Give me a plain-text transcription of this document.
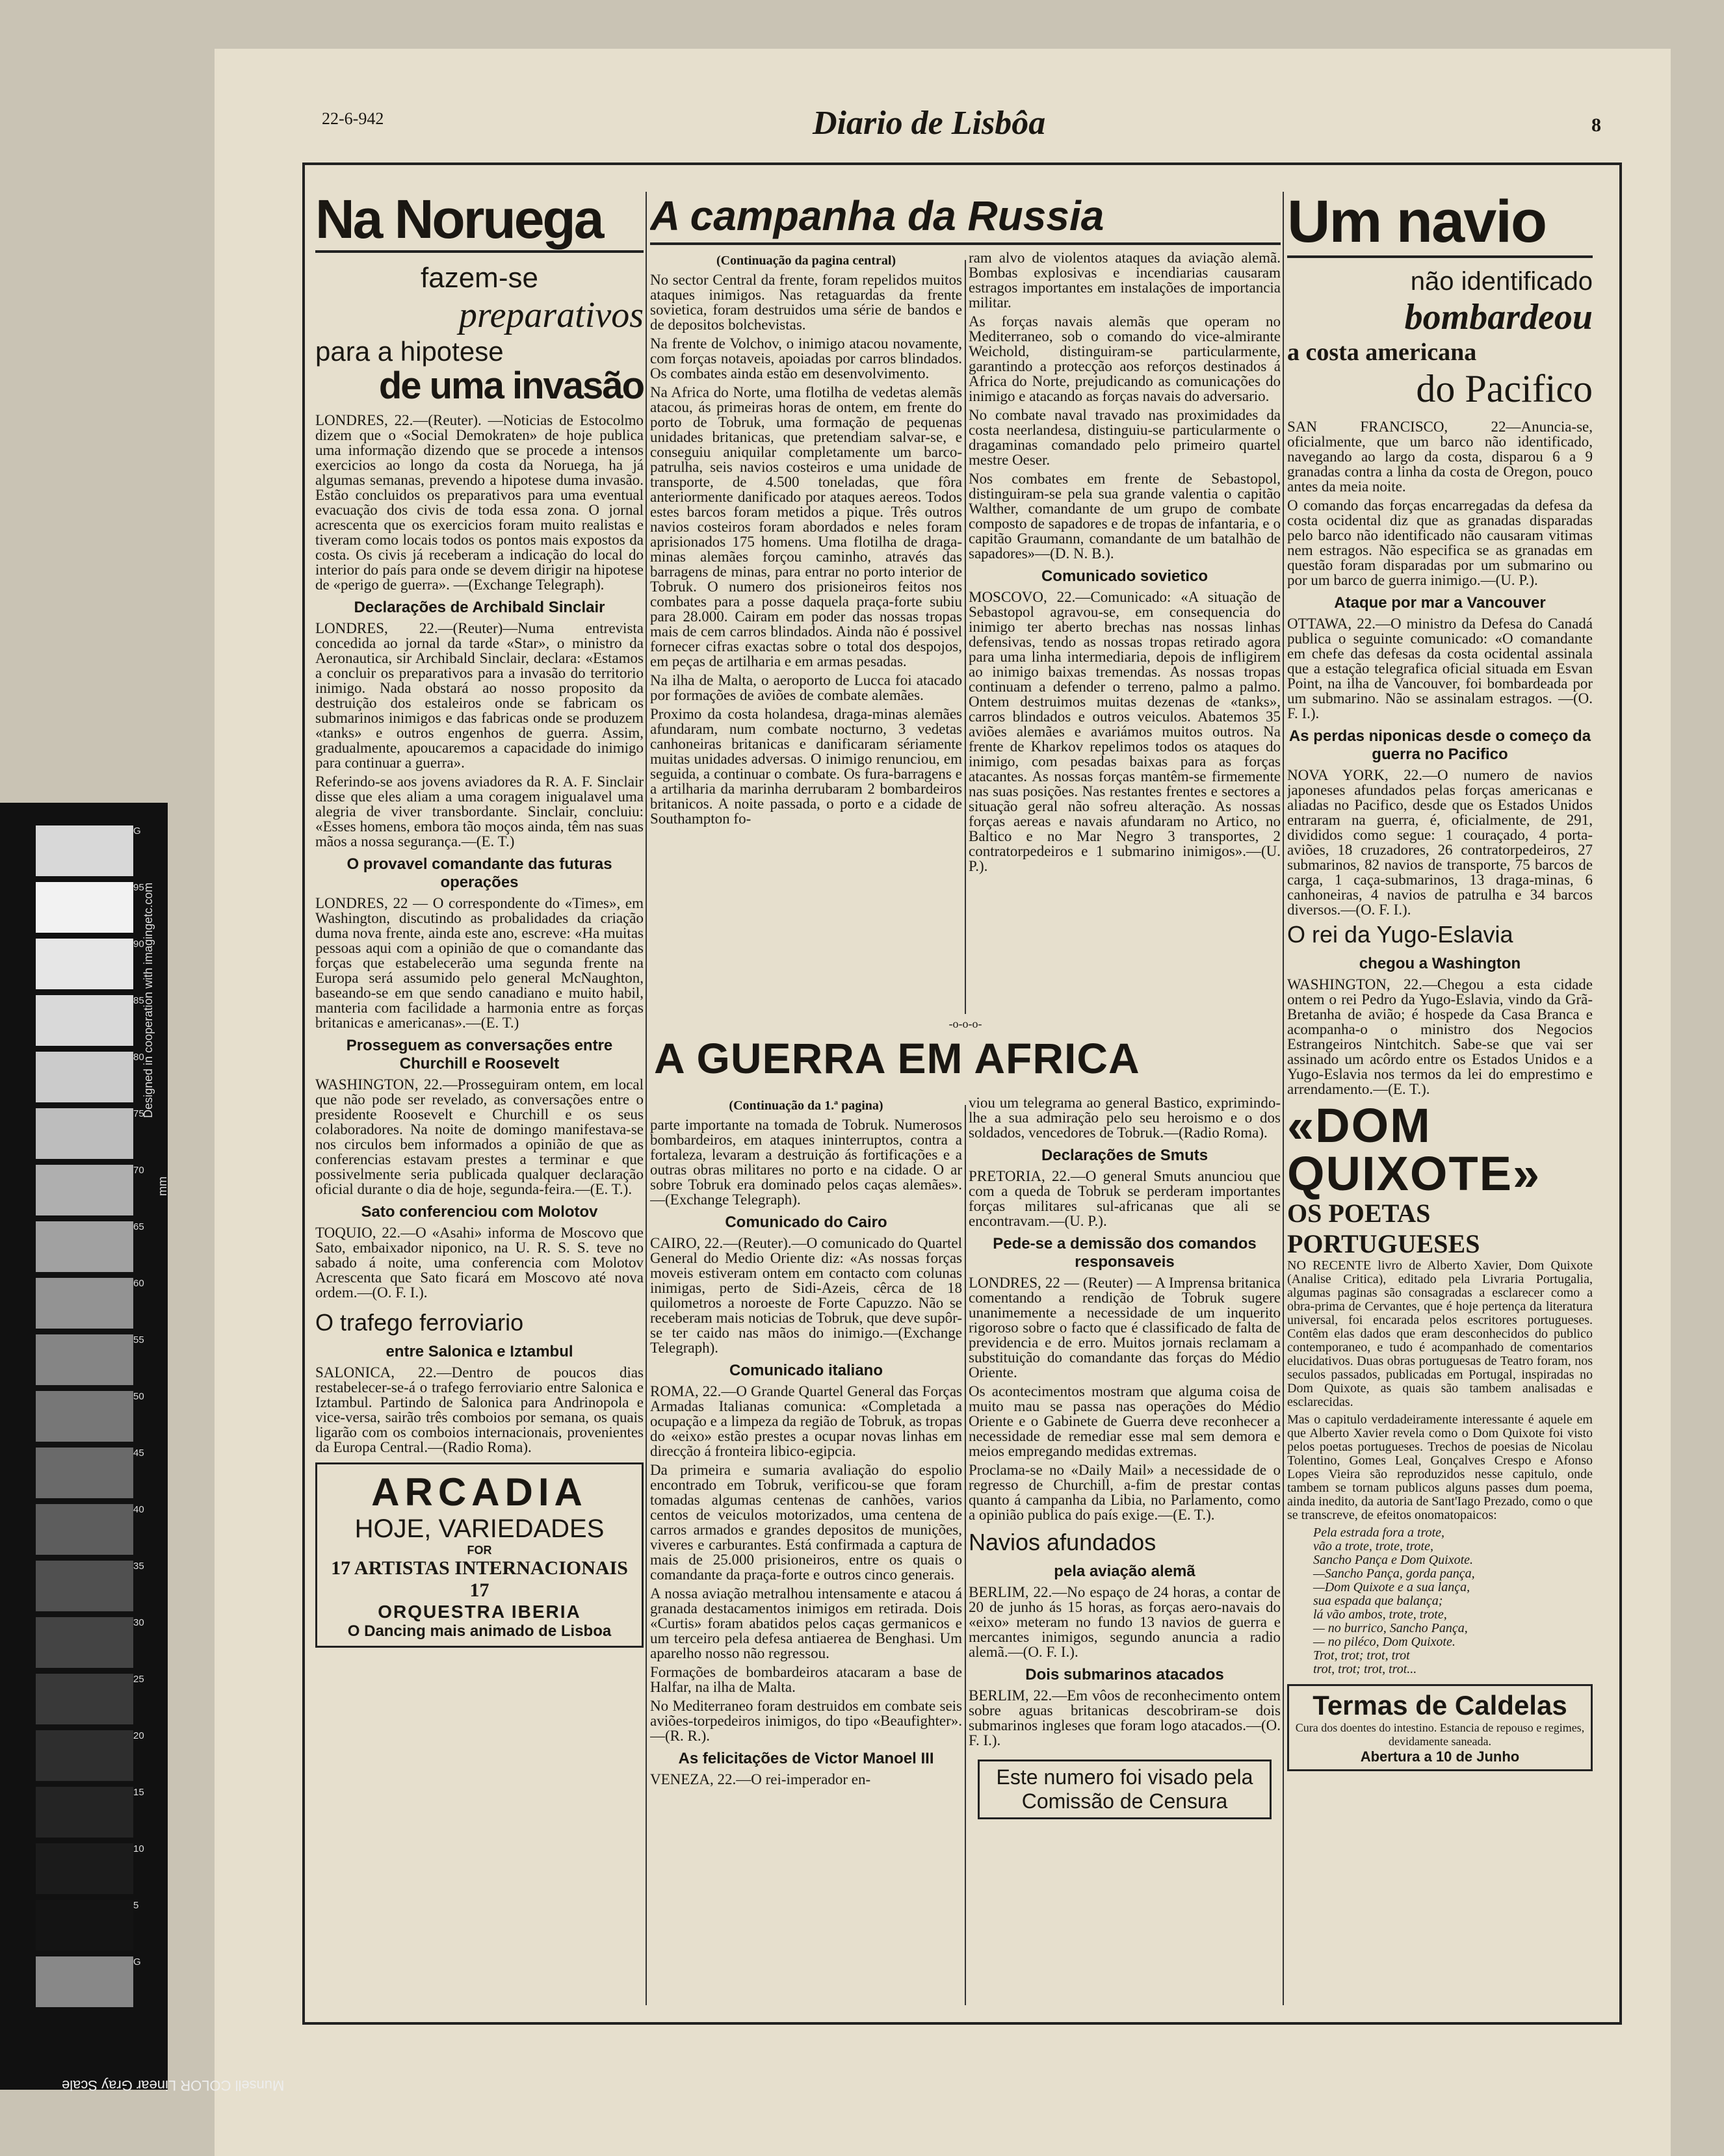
22-6-942	Diario de Lisbôa	8
Na Noruega
fazem-se
preparativos
para a hipotese
de uma invasão

LONDRES, 22.—(Reuter). —Noticias de Estocolmo dizem que o «Social Demokraten» de hoje publica uma informação dizendo que se procede a intensos exercicios ao longo da costa da Noruega, ha já algumas semanas, prevendo a hipotese duma invasão. Estão concluidos os preparativos para uma eventual evacuação dos civis de toda essa zona. O jornal acrescenta que os exercicios foram muito realistas e tiveram como locais todos os pontos mais expostos da costa. Os civis já receberam a indicação do local do interior do país para onde se devem dirigir na hipotese de «perigo de guerra». —(Exchange Telegraph).

Declarações de Archibald Sinclair

LONDRES, 22.—(Reuter)—Numa entrevista concedida ao jornal da tarde «Star», o ministro da Aeronautica, sir Archibald Sinclair, declara: «Estamos a concluir os preparativos para a invasão do territorio inimigo. Nada obstará ao nosso proposito da destruição dos estaleiros onde se fabricam os submarinos inimigos e das fabricas onde se produzem «tanks» e outros engenhos de guerra. Assim, gradualmente, apoucaremos a capacidade do inimigo para continuar a guerra».

Referindo-se aos jovens aviadores da R. A. F. Sinclair disse que eles aliam a uma coragem inigualavel uma alegria de viver transbordante. Sinclair, concluiu: «Esses homens, embora tão moços ainda, têm nas suas mãos a nossa segurança.—(E. T.)

O provavel comandante das futuras operações

LONDRES, 22 — O correspondente do «Times», em Washington, discutindo as probalidades da criação duma nova frente, ainda este ano, escreve: «Ha muitas pessoas aqui com a opinião de que o comandante das forças que estabelecerão uma segunda frente na Europa será assumido pelo general McNaughton, baseando-se em que sendo canadiano e muito habil, manteria com facilidade a harmonia entre as forças britanicas e americanas».—(E. T.)

Prosseguem as conversações entre Churchill e Roosevelt

WASHINGTON, 22.—Prosseguiram ontem, em local que não pode ser revelado, as conversações entre o presidente Roosevelt e Churchill e os seus colaboradores. Na noite de domingo manifestava-se nos circulos bem informados a opinião de que as conferencias estavam prestes a terminar e que possivelmente seria publicada qualquer declaração oficial durante o dia de hoje, segunda-feira.—(E. T.).

Sato conferenciou com Molotov

TOQUIO, 22.—O «Asahi» informa de Moscovo que Sato, embaixador niponico, na U. R. S. S. teve no sabado á noite, uma conferencia com Molotov Acrescenta que Sato ficará em Moscovo até nova ordem.—(O. F. I.).

O trafego ferroviario
entre Salonica e Iztambul

SALONICA, 22.—Dentro de poucos dias restabelecer-se-á o trafego ferroviario entre Salonica e Iztambul. Partindo de Salonica para Andrinopola e vice-versa, sairão três comboios por semana, os quais ligarão com os comboios internacionais, provenientes da Europa Central.—(Radio Roma).

ARCADIA
HOJE, VARIEDADES
FOR
17 ARTISTAS INTERNACIONAIS 17
ORQUESTRA IBERIA
O Dancing mais animado de Lisboa
A campanha da Russia
(Continuação da pagina central)

No sector Central da frente, foram repelidos muitos ataques inimigos. Nas retaguardas da frente sovietica, foram destruidos uma série de bandos e de depositos bolchevistas.

Na frente de Volchov, o inimigo atacou novamente, com forças notaveis, apoiadas por carros blindados. Os combates ainda estão em desenvolvimento.

Na Africa do Norte, uma flotilha de vedetas alemãs atacou, ás primeiras horas de ontem, em frente do porto de Tobruk, uma formação de pequenas unidades britanicas, que pretendiam salvar-se, e conseguiu aniquilar completamente um barco-patrulha, seis navios costeiros e uma unidade de transporte, de 4.500 toneladas, que fôra anteriormente danificado por ataques aereos. Todos estes barcos foram metidos a pique. Três outros navios costeiros foram abordados e neles foram aprisionados 175 homens. Uma flotilha de draga-minas alemães forçou caminho, através das barragens de minas, para entrar no porto interior de Tobruk. O numero dos prisioneiros feitos nos combates para a posse daquela praça-forte subiu para 28.000. Cairam em poder das nossas tropas mais de cem carros blindados. Ainda não é possivel fornecer cifras exactas sobre o total dos despojos, em peças de artilharia e em armas pesadas.

Na ilha de Malta, o aeroporto de Lucca foi atacado por formações de aviões de combate alemães.

Proximo da costa holandesa, draga-minas alemães afundaram, num combate nocturno, 3 vedetas canhoneiras britanicas e danificaram sériamente muitas unidades adversas. O inimigo renunciou, em seguida, a continuar o combate. Os fura-barragens e a artilharia da marinha derrubaram 2 bombardeiros britanicos. A noite passada, o porto e a cidade de Southampton fo-

ram alvo de violentos ataques da aviação alemã. Bombas explosivas e incendiarias causaram estragos importantes em instalações de importancia militar.

As forças navais alemãs que operam no Mediterraneo, sob o comando do vice-almirante Weichold, distinguiram-se particularmente, garantindo a protecção aos reforços destinados á Africa do Norte, prejudicando as comunicações do inimigo e atacando as forças navais do adversario.

No combate naval travado nas proximidades da costa neerlandesa, distinguiu-se particularmente o dragaminas comandado pelo primeiro quartel mestre Oeser.

Nos combates em frente de Sebastopol, distinguiram-se pela sua grande valentia o capitão Walther, comandante de um grupo de combate composto de sapadores e de tropas de infantaria, e o capitão Graumann, comandante de um batalhão de sapadores»—(D. N. B.).

Comunicado sovietico

MOSCOVO, 22.—Comunicado: «A situação de Sebastopol agravou-se, em consequencia do inimigo ter aberto brechas nas nossas linhas defensivas, tendo as nossas tropas retirado agora para uma linha intermediaria, depois de infligirem ao inimigo baixas tremendas. As nossas tropas continuam a defender o terreno, palmo a palmo. Ontem destruimos muitas dezenas de «tanks», carros blindados e outros veiculos. Abatemos 35 aviões alemães e avariámos muitos outros. Na frente de Kharkov repelimos todos os ataques do inimigo, com pesadas baixas para as forças atacantes. As nossas forças mantêm-se firmemente nas suas posições. Nas restantes frentes e sectores a situação geral não sofreu alteração. As nossas forças aereas e navais afundaram no Artico, no Baltico e no Mar Negro 3 transportes, 2 contratorpedeiros e 1 submarino inimigos».—(U. P.).

-o-o-o-
A GUERRA EM AFRICA
(Continuação da 1.ª pagina)

parte importante na tomada de Tobruk. Numerosos bombardeiros, em ataques ininterruptos, contra a fortaleza, levaram a destruição ás fortificações e a outras obras militares no porto e na cidade. O ar sobre Tobruk era dominado pelos caças alemães».—(Exchange Telegraph).

Comunicado do Cairo

CAIRO, 22.—(Reuter).—O comunicado do Quartel General do Medio Oriente diz: «As nossas forças moveis estiveram ontem em contacto com colunas inimigas, perto de Sidi-Azeis, cêrca de 18 quilometros a noroeste de Forte Capuzzo. Não se receberam mais noticias de Tobruk, que deve supôr-se ter caido nas mãos do inimigo.—(Exchange Telegraph).

Comunicado italiano

ROMA, 22.—O Grande Quartel General das Forças Armadas Italianas comunica: «Completada a ocupação e a limpeza da região de Tobruk, as tropas do «eixo» estão prestes a ocupar novas linhas em direcção á fronteira libico-egipcia.

Da primeira e sumaria avaliação do espolio encontrado em Tobruk, verificou-se que foram tomadas algumas centenas de canhões, varios centos de veiculos motorizados, uma centena de carros armados e grandes depositos de munições, viveres e carburantes. Está confirmada a captura de mais de 25.000 prisioneiros, entre os quais o comandante da praça-forte e outros cinco generais.

A nossa aviação metralhou intensamente e atacou á granada destacamentos inimigos em retirada. Dois «Curtis» foram abatidos pelos caças germanicos e um terceiro pela defesa antiaerea de Benghasi. Um aparelho nosso não regressou.

Formações de bombardeiros atacaram a base de Halfar, na ilha de Malta.

No Mediterraneo foram destruidos em combate seis aviões-torpedeiros inimigos, do tipo «Beaufighter».—(R. R.).

As felicitações de Victor Manoel III

VENEZA, 22.—O rei-imperador en-

viou um telegrama ao general Bastico, exprimindo-lhe a sua admiração pelo seu heroismo e o dos soldados, vencedores de Tobruk.—(Radio Roma).

Declarações de Smuts

PRETORIA, 22.—O general Smuts anunciou que com a queda de Tobruk se perderam importantes forças militares sul-africanas que ali se encontravam.—(U. P.).

Pede-se a demissão dos comandos responsaveis

LONDRES, 22 — (Reuter) — A Imprensa britanica comentando a rendição de Tobruk sugere unanimemente a necessidade de um inquerito rigoroso sobre o facto que é classificado de falta de previdencia e de erro. Muitos jornais reclamam a substituição do comandante das forças do Médio Oriente.

Os acontecimentos mostram que alguma coisa de muito mau se passa nas operações do Médio Oriente e o Gabinete de Guerra deve reconhecer a necessidade de remediar esse mal sem demora e meios empregando medidas extremas.

Proclama-se no «Daily Mail» a necessidade de o regresso de Churchill, a-fim de prestar contas quanto á campanha da Libia, no Parlamento, como a opinião publica do país exige.—(E. T.).

Navios afundados
pela aviação alemã

BERLIM, 22.—No espaço de 24 horas, a contar de 20 de junho ás 15 horas, as forças aero-navais do «eixo» meteram no fundo 13 navios de guerra e mercantes inimigos, segundo anuncia a radio alemã.—(O. F. I.).

Dois submarinos atacados

BERLIM, 22.—Em vôos de reconhecimento ontem sobre aguas britanicas descobriram-se dois submarinos ingleses que foram logo atacados.—(O. F. I.).

Este numero foi visado pela Comissão de Censura
Um navio
não identificado
bombardeou
a costa americana
do Pacifico

SAN FRANCISCO, 22—Anuncia-se, oficialmente, que um barco não identificado, navegando ao largo da costa, disparou 6 a 9 granadas contra a linha da costa de Oregon, pouco antes da meia noite.

O comando das forças encarregadas da defesa da costa ocidental diz que as granadas disparadas pelo barco não identificado não causaram vitimas nem estragos. Não especifica se as granadas em questão foram disparadas por um submarino ou por um barco de guerra inimigo.—(U. P.).

Ataque por mar a Vancouver

OTTAWA, 22.—O ministro da Defesa do Canadá publica o seguinte comunicado: «O comandante em chefe das defesas da costa ocidental assinala que a estação telegrafica oficial situada em Esvan Point, na ilha de Vancouver, foi bombardeada por um submarino. Não se assinalam estragos. —(O. F. I.).

As perdas niponicas desde o começo da guerra no Pacifico

NOVA YORK, 22.—O numero de navios japoneses afundados pelas forças americanas e aliadas no Pacifico, desde que os Estados Unidos entraram na guerra, é, oficialmente, de 291, divididos como segue: 1 couraçado, 4 porta-aviões, 18 cruzadores, 26 contratorpedeiros, 27 submarinos, 82 navios de transporte, 75 barcos de carga, 1 caça-submarinos, 13 draga-minas, 6 canhoneiras, 4 navios de patrulha e 34 barcos diversos.—(O. F. I.).

O rei da Yugo-Eslavia
chegou a Washington

WASHINGTON, 22.—Chegou a esta cidade ontem o rei Pedro da Yugo-Eslavia, vindo da Grã-Bretanha de avião; é hospede da Casa Branca e acompanha-o o ministro dos Negocios Estrangeiros Nintchitch. Sabe-se que vai ser assinado um acôrdo entre os Estados Unidos e a Yugo-Eslavia nos termos da lei do emprestimo e arrendamento.—(E. T.).

«DOM QUIXOTE»
OS POETAS PORTUGUESES

NO RECENTE livro de Alberto Xavier, Dom Quixote (Analise Critica), editado pela Livraria Portugalia, algumas paginas são consagradas a esclarecer como a obra-prima de Cervantes, que é hoje pertença da literatura universal, foi encarada pelos escritores portugueses. Contêm elas dados que eram desconhecidos do publico contemporaneo, e tudo é acompanhado de comentarios elucidativos. Duas obras portuguesas de Teatro foram, nos seculos passados, publicadas em Portugal, inspiradas no Dom Quixote, as quais são tambem analisadas e esclarecidas.

Mas o capitulo verdadeiramente interessante é aquele em que Alberto Xavier revela como o Dom Quixote foi visto pelos poetas portugueses. Trechos de poesias de Nicolau Tolentino, Gomes Leal, Gonçalves Crespo e Afonso Lopes Vieira são reproduzidos nesse capitulo, onde tambem se tornam publicos alguns passes dum poema, ainda inedito, da autoria de Sant'Iago Prezado, como o que se transcreve, de efeitos onomatopaicos:

Pela estrada fora a trote,
vão a trote, trote, trote,
Sancho Pança e Dom Quixote.
—Sancho Pança, gorda pança,
—Dom Quixote e a sua lança,
sua espada que balança;
lá vão ambos, trote, trote,
— no burrico, Sancho Pança,
— no piléco, Dom Quixote.
Trot, trot; trot, trot
trot, trot; trot, trot...
Termas de Caldelas
Cura dos doentes do intestino. Estancia de repouso e regimes, devidamente saneada.
Abertura a 10 de Junho
G
95
90
85
80
75
70
65
60
55
50
45
40
35
30
25
20
15
10
5
G
Designed in cooperation with imagingetc.com
mm
Munsell COLOR Linear Gray Scale
